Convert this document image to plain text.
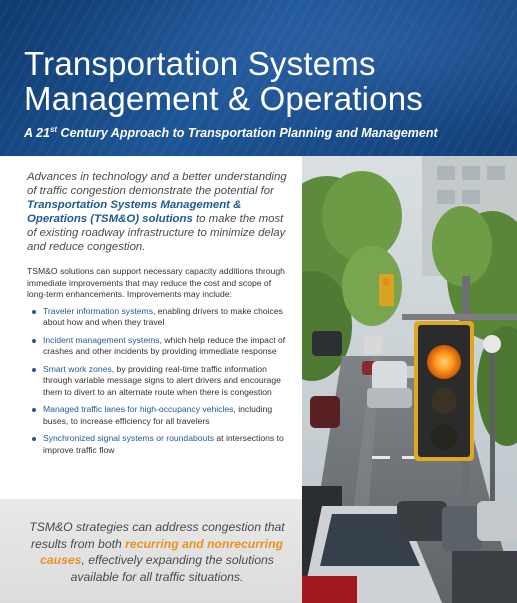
Transportation Systems
Management & Operations
A 21st Century Approach to Transportation Planning and Management

Advances in technology and a better understanding of traffic congestion demonstrate the potential for Transportation Systems Management & Operations (TSM&O) solutions to make the most of existing roadway infrastructure to minimize delay and reduce congestion.

TSM&O solutions can support necessary capacity additions through immediate improvements that may reduce the cost and scope of long-term enhancements. Improvements may include:

Traveler information systems, enabling drivers to make choices about how and when they travel
Incident management systems, which help reduce the impact of crashes and other incidents by providing immediate response
Smart work zones, by providing real-time traffic information through variable message signs to alert drivers and encourage them to divert to an alternate route when there is congestion
Managed traffic lanes for high-occupancy vehicles, including buses, to increase efficiency for all travelers
Synchronized signal systems or roundabouts at intersections to improve traffic flow
TSM&O strategies can address congestion that results from both recurring and nonrecurring causes, effectively expanding the solutions available for all traffic situations.
